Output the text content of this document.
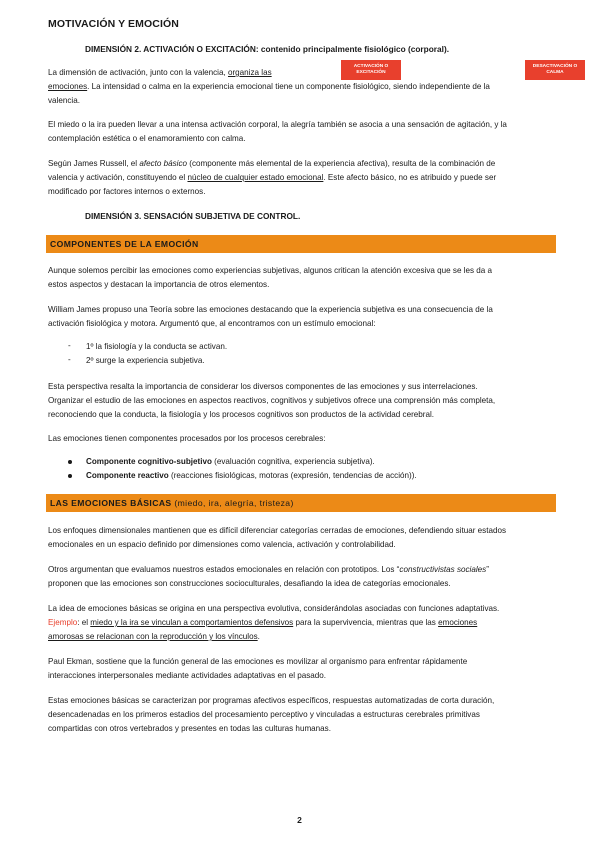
MOTIVACIÓN Y EMOCIÓN
DIMENSIÓN 2. ACTIVACIÓN O EXCITACIÓN: contenido principalmente fisiológico (corporal).
ACTIVACIÓN O EXCITACIÓN
DESACTIVACIÓN O CALMA
La dimensión de activación, junto con la valencia, organiza las
emociones. La intensidad o calma en la experiencia emocional tiene un componente fisiológico, siendo independiente de la
valencia.
El miedo o la ira pueden llevar a una intensa activación corporal, la alegría también se asocia a una sensación de agitación, y la
contemplación estética o el enamoramiento con calma.
Según James Russell, el afecto básico (componente más elemental de la experiencia afectiva), resulta de la combinación de
valencia y activación, constituyendo el núcleo de cualquier estado emocional. Este afecto básico, no es atribuido y puede ser
modificado por factores internos o externos.
DIMENSIÓN 3. SENSACIÓN SUBJETIVA DE CONTROL.
COMPONENTES DE LA EMOCIÓN
Aunque solemos percibir las emociones como experiencias subjetivas, algunos critican la atención excesiva que se les da a
estos aspectos y destacan la importancia de otros elementos.
William James propuso una Teoría sobre las emociones destacando que la experiencia subjetiva es una consecuencia de la
activación fisiológica y motora. Argumentó que, al encontramos con un estímulo emocional:
- 1º la fisiología y la conducta se activan.
- 2º surge la experiencia subjetiva.
Esta perspectiva resalta la importancia de considerar los diversos componentes de las emociones y sus interrelaciones.
Organizar el estudio de las emociones en aspectos reactivos, cognitivos y subjetivos ofrece una comprensión más completa,
reconociendo que la conducta, la fisiología y los procesos cognitivos son productos de la actividad cerebral.
Las emociones tienen componentes procesados por los procesos cerebrales:
Componente cognitivo-subjetivo (evaluación cognitiva, experiencia subjetiva).
Componente reactivo (reacciones fisiológicas, motoras (expresión, tendencias de acción)).
LAS EMOCIONES BÁSICAS (miedo, ira, alegría, tristeza)
Los enfoques dimensionales mantienen que es difícil diferenciar categorías cerradas de emociones, defendiendo situar estados
emocionales en un espacio definido por dimensiones como valencia, activación y controlabilidad.
Otros argumentan que evaluamos nuestros estados emocionales en relación con prototipos. Los “constructivistas sociales”
proponen que las emociones son construcciones socioculturales, desafiando la idea de categorías emocionales.
La idea de emociones básicas se origina en una perspectiva evolutiva, considerándolas asociadas con funciones adaptativas.
Ejemplo: el miedo y la ira se vinculan a comportamientos defensivos para la supervivencia, mientras que las emociones
amorosas se relacionan con la reproducción y los vínculos.
Paul Ekman, sostiene que la función general de las emociones es movilizar al organismo para enfrentar rápidamente
interacciones interpersonales mediante actividades adaptativas en el pasado.
Estas emociones básicas se caracterizan por programas afectivos específicos, respuestas automatizadas de corta duración,
desencadenadas en los primeros estadios del procesamiento perceptivo y vinculadas a estructuras cerebrales primitivas
compartidas con otros vertebrados y presentes en todas las culturas humanas.
2
